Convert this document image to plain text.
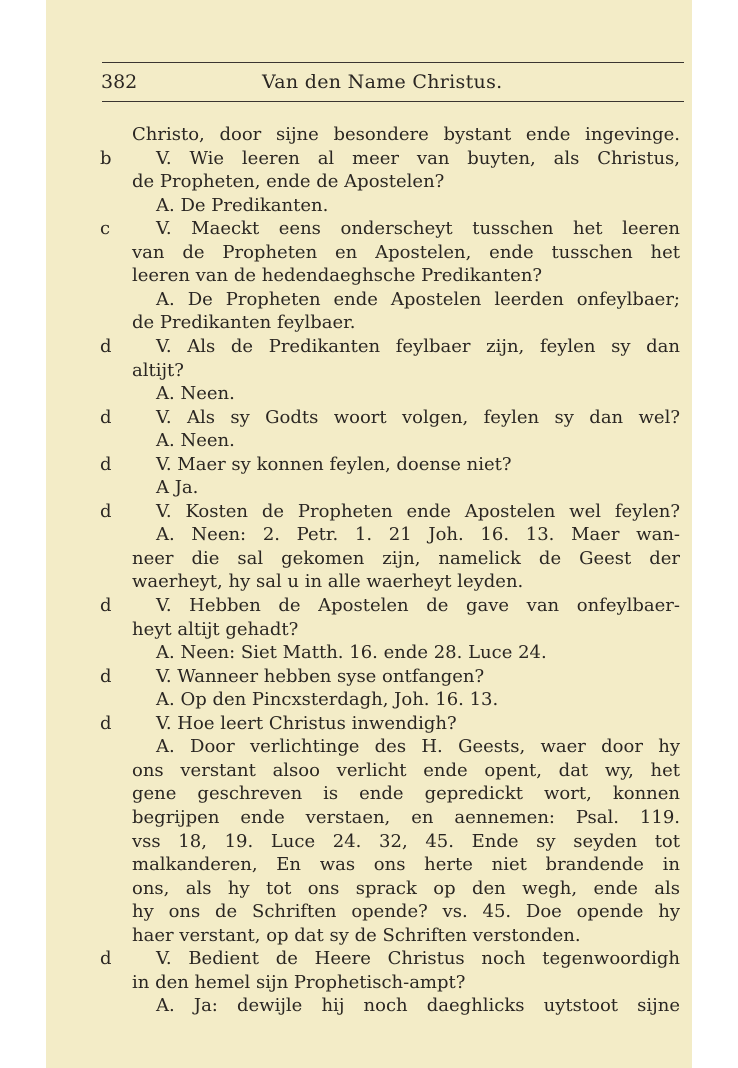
382	Van den Name Christus.
Christo, door sijne besondere bystant ende ingevinge.
b V. Wie leeren al meer van buyten, als Christus,
de Propheten, ende de Apostelen?
A. De Predikanten.
c	V. Maeckt eens onderscheyt tusschen het leeren
van de Propheten en Apostelen, ende tusschen het
leeren van de hedendaeghsche Predikanten?
A. De Propheten ende Apostelen leerden onfeylbaer;
de Predikanten feylbaer.
d V. Als de Predikanten feylbaer zijn, feylen sy dan
altijt?
A. Neen.
d V. Als sy Godts woort volgen, feylen sy dan wel?
A. Neen.
d V. Maer sy konnen feylen, doense niet?
A Ja.
d V. Kosten de Propheten ende Apostelen wel feylen?
A. Neen: 2. Petr. 1. 21 Joh. 16. 13. Maer wan-
neer die sal gekomen zijn, namelick de Geest der
waerheyt, hy sal u in alle waerheyt leyden.
d V. Hebben de Apostelen de gave van onfeylbaer-
heyt altijt gehadt?
A. Neen: Siet Matth. 16. ende 28. Luce 24.
d V. Wanneer hebben syse ontfangen?
A. Op den Pincxsterdagh, Joh. 16. 13.
d V. Hoe leert Christus inwendigh?
A. Door verlichtinge des H. Geests, waer door hy
ons verstant alsoo verlicht ende opent, dat wy, het
gene geschreven is ende gepredickt wort, konnen
begrijpen ende verstaen, en aennemen: Psal. 119.
vss 18, 19. Luce 24. 32, 45. Ende sy seyden tot
malkanderen, En was ons herte niet brandende in
ons, als hy tot ons sprack op den wegh, ende als
hy ons de Schriften opende? vs. 45. Doe opende hy
haer verstant, op dat sy de Schriften verstonden.
d V. Bedient de Heere Christus noch tegenwoordigh
in den hemel sijn Prophetisch-ampt?
A. Ja: dewijle hij noch daeghlicks uytstoot sijne
